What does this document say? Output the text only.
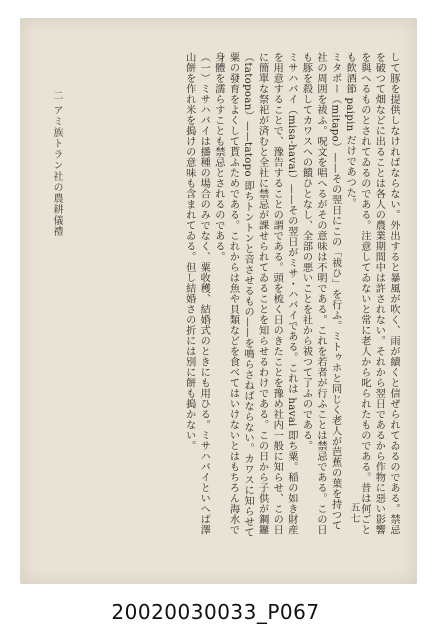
して豚を提供しなければならない。外出すると暴風が吹く、雨が續くと信ぜられてゐるのである。禁忌を破つて畑などに出ることは各人の農業期間中は許されない。それから翌日であるから作物に惡い影響を與へるものとされてゐるのである。注意してゐないと常に老人から叱られたものである。昔は何ごとも飲酒節 paipin だけであつた。

ミタポー（mitapo）——その翌日にこの「祓ひ」を行ふ。ミトゥホと同じく老人が芭蕉の葉を持つて社の周囲を祓ふ。呪文を唱へるがその意味は不明である。これを若者が行ふことは禁忌である。この日も豚を殺してカワスへの饋ひとなし、全部の悪いことを社から祓つて了ふのである。

ミサハバイ（misa-havai）——その翌日がミサ・ハバイである。これは havai 即ち粟。稲の如き財産を用意することで、豫告することの謂である。頭を梳く日のきたことを豫め社内一般に知らせ、この日に簡單な祭祀が済むと全社に禁忌が課せられてゐることを知らせるわけである。この日から子供が鋼鑼（tatopoan）——tatopo 即ちトントンと音させるもの——を鳴らさねばならない。カワスに知らせて粟の發育をよくして貰ふためである。これからは魚や貝類などを食べてはいけないとはもちろん海水で身體を濡らすことも禁忌とされるのである。

（一）ミサハバイは播種の場合のみでなく、粟收穫、結婚式のときにも用ひる。ミサハバイといへば澤山餅を作れ米を搗けの意味も含まれてゐる。但し結婚さの折には別に餅も搗かない。

二 アミ族トラン社の農耕儀禮
五七
20020030033_P067
